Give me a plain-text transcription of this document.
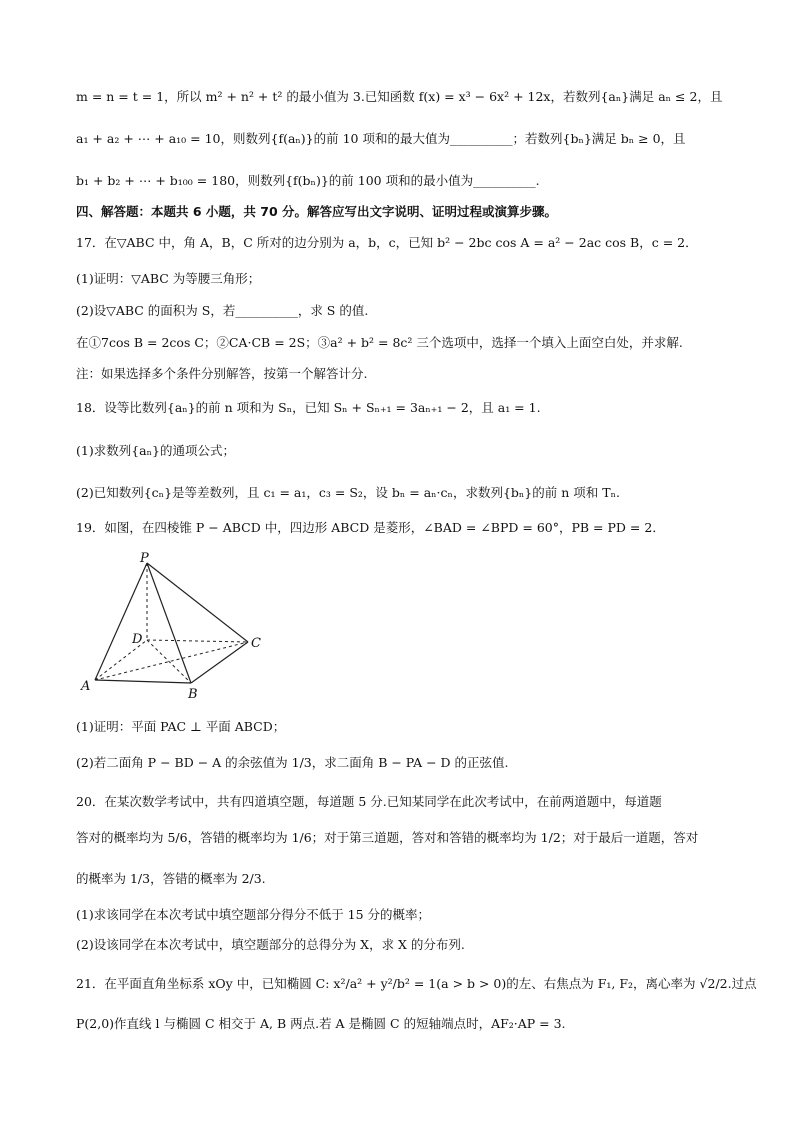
m = n = t = 1，所以 m² + n² + t² 的最小值为 3.已知函数 f(x) = x³ − 6x² + 12x，若数列{aₙ}满足 aₙ ≤ 2，且
a₁ + a₂ + ⋯ + a₁₀ = 10，则数列{f(aₙ)}的前 10 项和的最大值为__________；若数列{bₙ}满足 bₙ ≥ 0，且
b₁ + b₂ + ⋯ + b₁₀₀ = 180，则数列{f(bₙ)}的前 100 项和的最小值为__________.
四、解答题：本题共 6 小题，共 70 分。解答应写出文字说明、证明过程或演算步骤。
17．在▽ABC 中，角 A，B，C 所对的边分别为 a，b，c，已知 b² − 2bc cos A = a² − 2ac cos B，c = 2．
(1)证明：▽ABC 为等腰三角形；
(2)设▽ABC 的面积为 S，若__________，求 S 的值.
在①7cos B = 2cos C；②CA·CB = 2S；③a² + b² = 8c² 三个选项中，选择一个填入上面空白处，并求解.
注：如果选择多个条件分别解答，按第一个解答计分.
18．设等比数列{aₙ}的前 n 项和为 Sₙ，已知 Sₙ + Sₙ₊₁ = 3aₙ₊₁ − 2，且 a₁ = 1.
(1)求数列{aₙ}的通项公式；
(2)已知数列{cₙ}是等差数列，且 c₁ = a₁，c₃ = S₂，设 bₙ = aₙ·cₙ，求数列{bₙ}的前 n 项和 Tₙ.
19．如图，在四棱锥 P − ABCD 中，四边形 ABCD 是菱形，∠BAD = ∠BPD = 60°，PB = PD = 2．
P
A
B
C
D
(1)证明：平面 PAC ⊥ 平面 ABCD；
(2)若二面角 P − BD − A 的余弦值为 1/3，求二面角 B − PA − D 的正弦值.
20．在某次数学考试中，共有四道填空题，每道题 5 分.已知某同学在此次考试中，在前两道题中，每道题
答对的概率均为 5/6，答错的概率均为 1/6；对于第三道题，答对和答错的概率均为 1/2；对于最后一道题，答对
的概率为 1/3，答错的概率为 2/3.
(1)求该同学在本次考试中填空题部分得分不低于 15 分的概率；
(2)设该同学在本次考试中，填空题部分的总得分为 X，求 X 的分布列.
21．在平面直角坐标系 xOy 中，已知椭圆 C: x²/a² + y²/b² = 1(a > b > 0)的左、右焦点为 F₁, F₂，离心率为 √2/2.过点
P(2,0)作直线 l 与椭圆 C 相交于 A, B 两点.若 A 是椭圆 C 的短轴端点时，AF₂·AP = 3.
